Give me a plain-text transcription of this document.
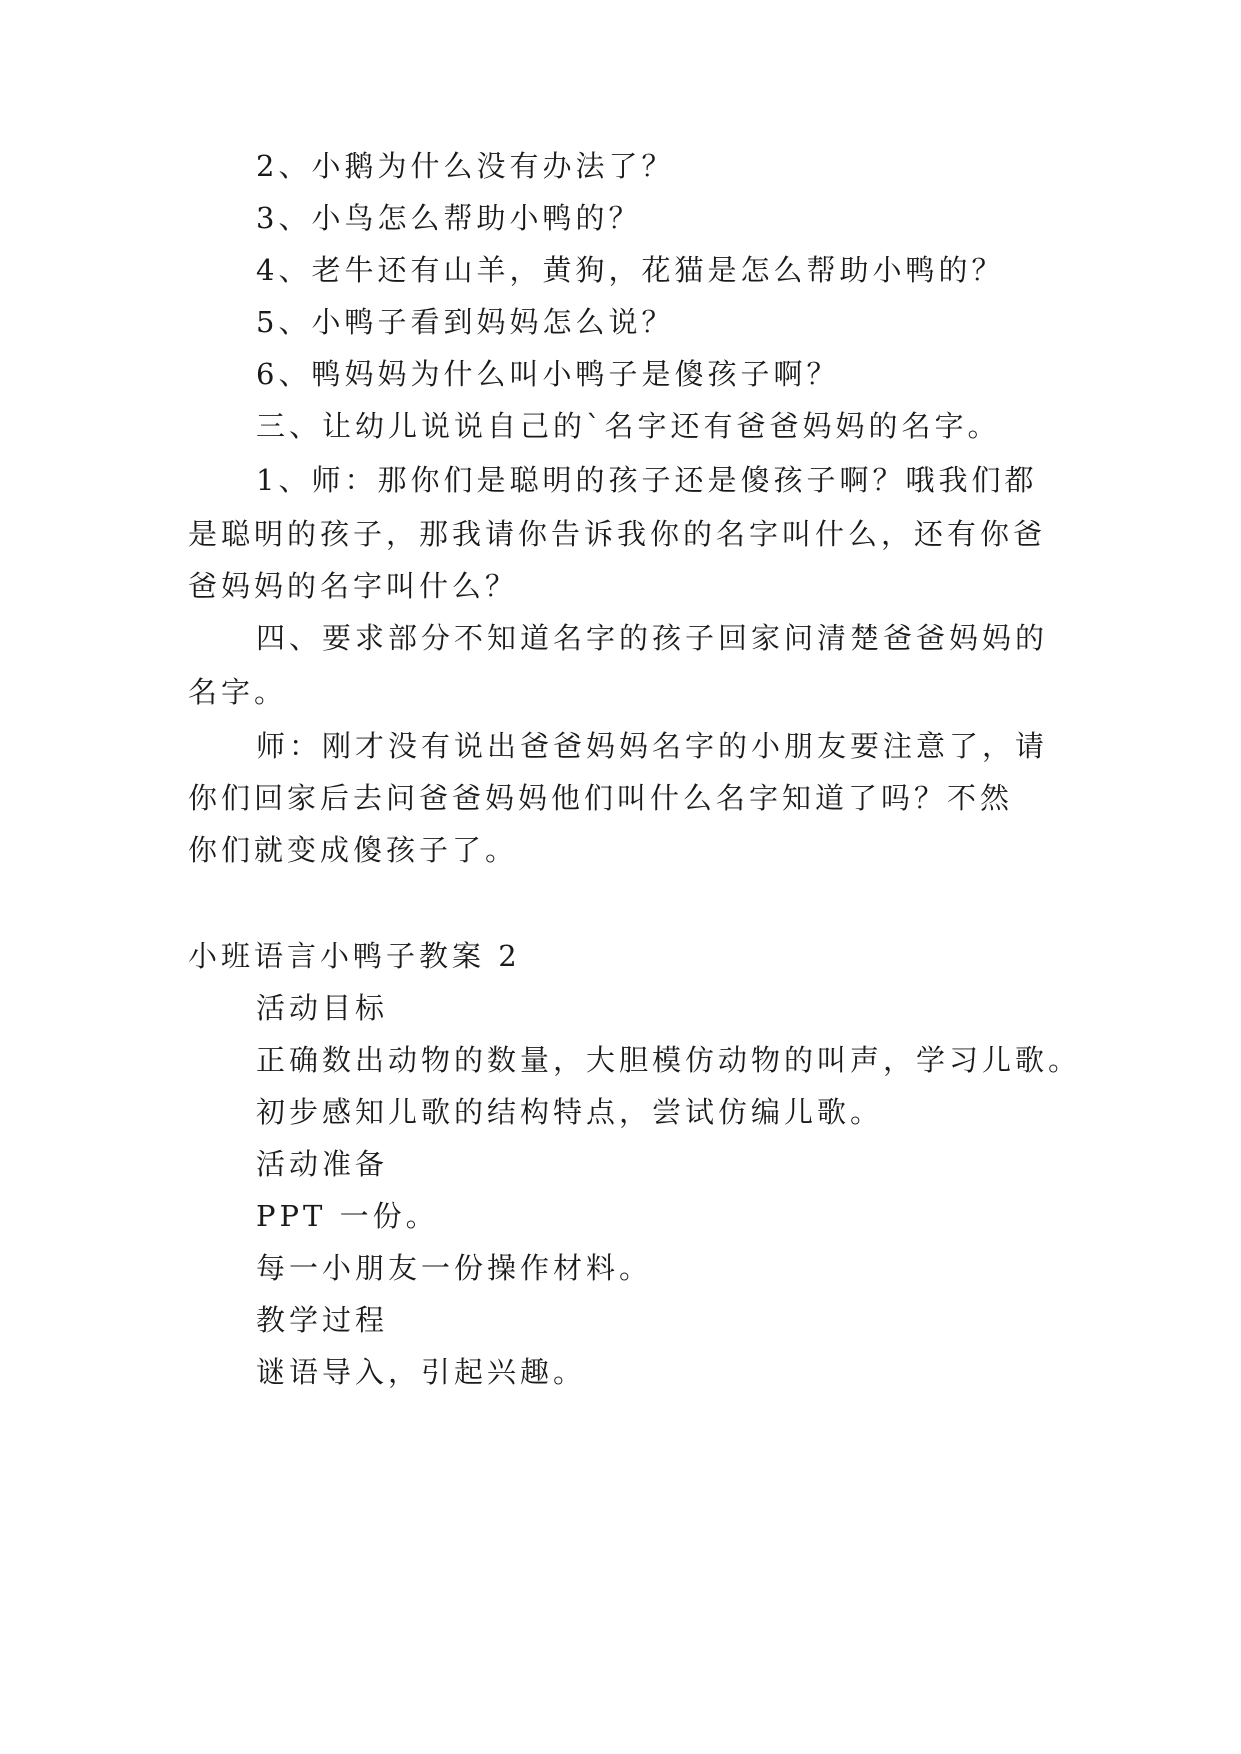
2、小鹅为什么没有办法了？

3、小鸟怎么帮助小鸭的？

4、老牛还有山羊，黄狗，花猫是怎么帮助小鸭的？

5、小鸭子看到妈妈怎么说？

6、鸭妈妈为什么叫小鸭子是傻孩子啊？

三、让幼儿说说自己的`名字还有爸爸妈妈的名字。

1、师：那你们是聪明的孩子还是傻孩子啊？哦我们都

是聪明的孩子，那我请你告诉我你的名字叫什么，还有你爸

爸妈妈的名字叫什么？

四、要求部分不知道名字的孩子回家问清楚爸爸妈妈的

名字。

师：刚才没有说出爸爸妈妈名字的小朋友要注意了，请

你们回家后去问爸爸妈妈他们叫什么名字知道了吗？不然

你们就变成傻孩子了。

小班语言小鸭子教案 2

活动目标

正确数出动物的数量，大胆模仿动物的叫声，学习儿歌。

初步感知儿歌的结构特点，尝试仿编儿歌。

活动准备

PPT 一份。

每一小朋友一份操作材料。

教学过程

谜语导入，引起兴趣。
